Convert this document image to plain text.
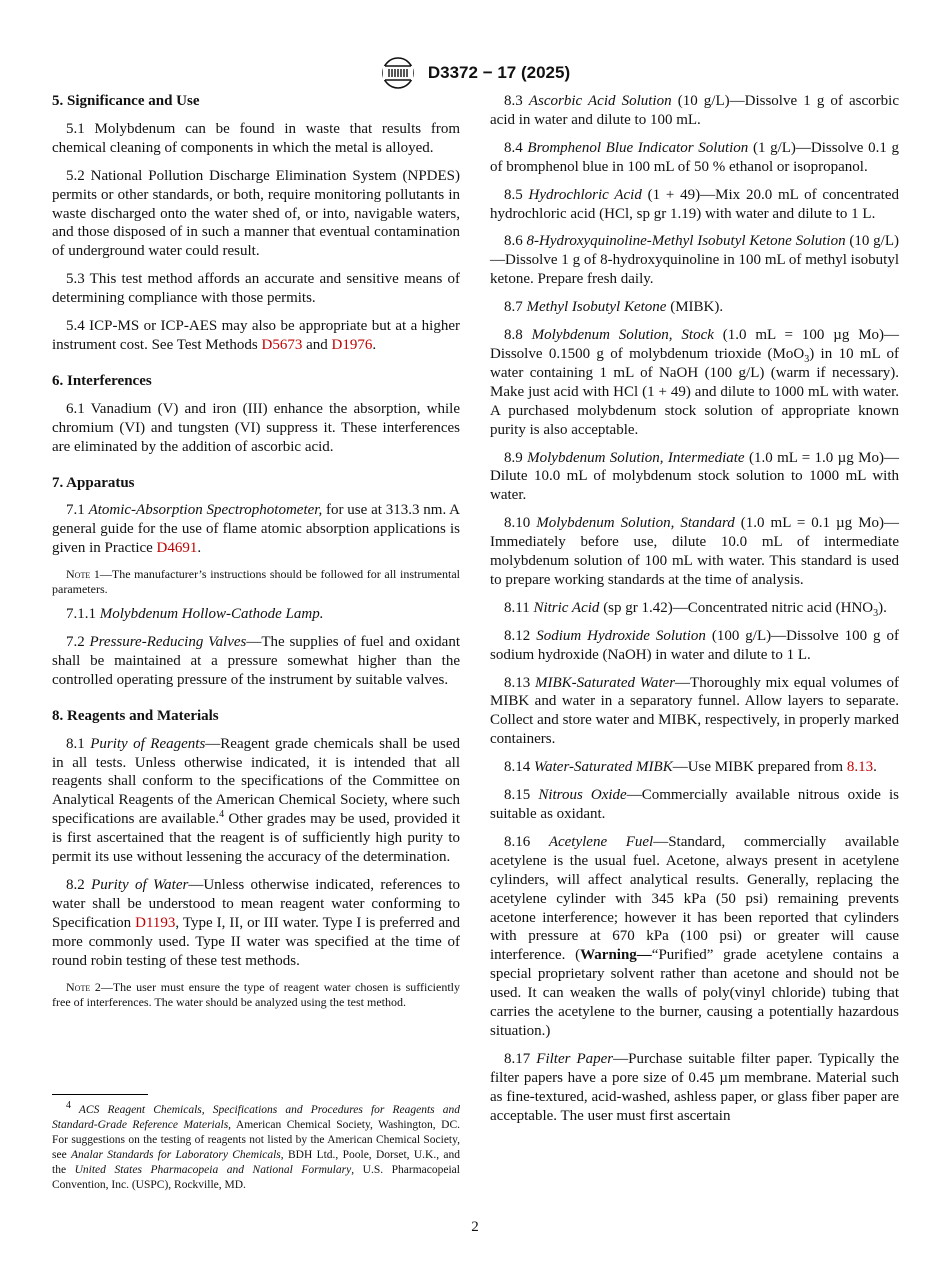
D3372 − 17 (2025)
5. Significance and Use
5.1 Molybdenum can be found in waste that results from chemical cleaning of components in which the metal is alloyed.
5.2 National Pollution Discharge Elimination System (NPDES) permits or other standards, or both, require monitoring pollutants in waste discharged onto the water shed of, or into, navigable waters, and those disposed of in such a manner that eventual contamination of underground water could result.
5.3 This test method affords an accurate and sensitive means of determining compliance with those permits.
5.4 ICP-MS or ICP-AES may also be appropriate but at a higher instrument cost. See Test Methods D5673 and D1976.
6. Interferences
6.1 Vanadium (V) and iron (III) enhance the absorption, while chromium (VI) and tungsten (VI) suppress it. These interferences are eliminated by the addition of ascorbic acid.
7. Apparatus
7.1 Atomic-Absorption Spectrophotometer, for use at 313.3 nm. A general guide for the use of flame atomic absorption applications is given in Practice D4691.
Note 1—The manufacturer’s instructions should be followed for all instrumental parameters.
7.1.1 Molybdenum Hollow-Cathode Lamp.
7.2 Pressure-Reducing Valves—The supplies of fuel and oxidant shall be maintained at a pressure somewhat higher than the controlled operating pressure of the instrument by suitable valves.
8. Reagents and Materials
8.1 Purity of Reagents—Reagent grade chemicals shall be used in all tests. Unless otherwise indicated, it is intended that all reagents shall conform to the specifications of the Committee on Analytical Reagents of the American Chemical Society, where such specifications are available.$^4$ Other grades may be used, provided it is first ascertained that the reagent is of sufficiently high purity to permit its use without lessening the accuracy of the determination.
8.2 Purity of Water—Unless otherwise indicated, references to water shall be understood to mean reagent water conforming to Specification D1193, Type I, II, or III water. Type I is preferred and more commonly used. Type II water was specified at the time of round robin testing of these test methods.
Note 2—The user must ensure the type of reagent water chosen is sufficiently free of interferences. The water should be analyzed using the test method.
$^4$ ACS Reagent Chemicals, Specifications and Procedures for Reagents and Standard-Grade Reference Materials, American Chemical Society, Washington, DC. For suggestions on the testing of reagents not listed by the American Chemical Society, see Analar Standards for Laboratory Chemicals, BDH Ltd., Poole, Dorset, U.K., and the United States Pharmacopeia and National Formulary, U.S. Pharmacopeial Convention, Inc. (USPC), Rockville, MD.
8.3 Ascorbic Acid Solution (10 g/L)—Dissolve 1 g of ascorbic acid in water and dilute to 100 mL.
8.4 Bromphenol Blue Indicator Solution (1 g/L)—Dissolve 0.1 g of bromphenol blue in 100 mL of 50 % ethanol or isopropanol.
8.5 Hydrochloric Acid (1 + 49)—Mix 20.0 mL of concentrated hydrochloric acid (HCl, sp gr 1.19) with water and dilute to 1 L.
8.6 8-Hydroxyquinoline-Methyl Isobutyl Ketone Solution (10 g/L)—Dissolve 1 g of 8-hydroxyquinoline in 100 mL of methyl isobutyl ketone. Prepare fresh daily.
8.7 Methyl Isobutyl Ketone (MIBK).
8.8 Molybdenum Solution, Stock (1.0 mL = 100 µg Mo)—Dissolve 0.1500 g of molybdenum trioxide (MoO$_3$) in 10 mL of water containing 1 mL of NaOH (100 g/L) (warm if necessary). Make just acid with HCl (1 + 49) and dilute to 1000 mL with water. A purchased molybdenum stock solution of appropriate known purity is also acceptable.
8.9 Molybdenum Solution, Intermediate (1.0 mL = 1.0 µg Mo)—Dilute 10.0 mL of molybdenum stock solution to 1000 mL with water.
8.10 Molybdenum Solution, Standard (1.0 mL = 0.1 µg Mo)—Immediately before use, dilute 10.0 mL of intermediate molybdenum solution of 100 mL with water. This standard is used to prepare working standards at the time of analysis.
8.11 Nitric Acid (sp gr 1.42)—Concentrated nitric acid $(HNO_3)$.
8.12 Sodium Hydroxide Solution (100 g/L)—Dissolve 100 g of sodium hydroxide (NaOH) in water and dilute to 1 L.
8.13 MIBK-Saturated Water—Thoroughly mix equal volumes of MIBK and water in a separatory funnel. Allow layers to separate. Collect and store water and MIBK, respectively, in properly marked containers.
8.14 Water-Saturated MIBK—Use MIBK prepared from 8.13.
8.15 Nitrous Oxide—Commercially available nitrous oxide is suitable as oxidant.
8.16 Acetylene Fuel—Standard, commercially available acetylene is the usual fuel. Acetone, always present in acetylene cylinders, will affect analytical results. Generally, replacing the acetylene cylinder with 345 kPa (50 psi) remaining prevents acetone interference; however it has been reported that cylinders with pressure at 670 kPa (100 psi) or greater will cause interference. (Warning—“Purified” grade acetylene contains a special proprietary solvent rather than acetone and should not be used. It can weaken the walls of poly(vinyl chloride) tubing that carries the acetylene to the burner, causing a potentially hazardous situation.)
8.17 Filter Paper—Purchase suitable filter paper. Typically the filter papers have a pore size of 0.45 µm membrane. Material such as fine-textured, acid-washed, ashless paper, or glass fiber paper are acceptable. The user must first ascertain
2
